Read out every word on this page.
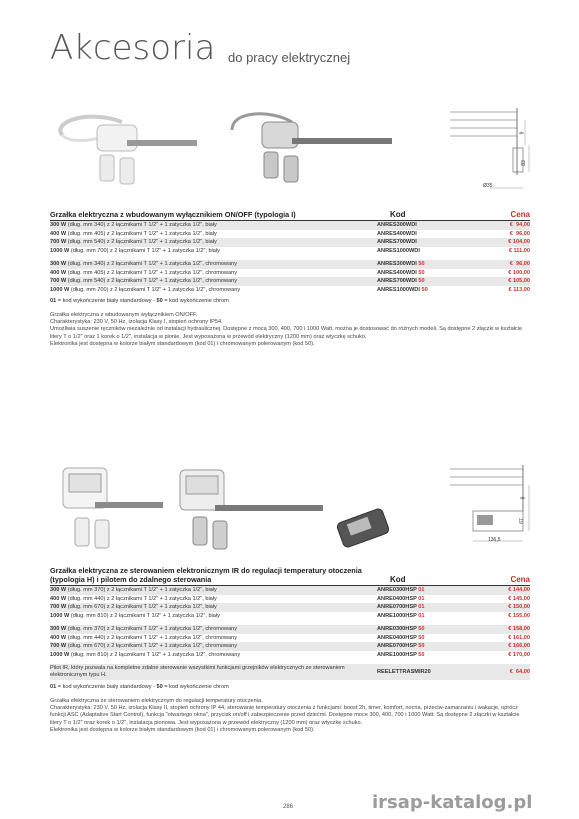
Akcesoria do pracy elektrycznej
Ø35
83
9
Grzałka elektryczna z wbudowanym wyłącznikiem ON/OFF (typologia I)	Kod	Cena
300 W (dług. mm 340) z 2 łącznikami T 1/2" + 1 zatyczka 1/2", biały	ANRES300WDI	€  94,00
400 W (dług. mm 405) z 2 łącznikami T 1/2" + 1 zatyczka 1/2", biały	ANRES400WDI	€  96,00
700 W (dług. mm 540) z 2 łącznikami T 1/2" + 1 zatyczka 1/2", biały	ANRES700WDI	€ 104,00
1000 W (dług. mm 700) z 2 łącznikami T 1/2" + 1 zatyczka 1/2", biały	ANRES1000WDI	€ 111,00
300 W (dług. mm 340) z 2 łącznikami T 1/2" + 1 zatyczka 1/2", chromowany	ANRES300WDI 50	€  96,00
400 W (dług. mm 405) z 2 łącznikami T 1/2" + 1 zatyczka 1/2", chromowany	ANRES400WDI 50	€ 100,00
700 W (dług. mm 540) z 2 łącznikami T 1/2" + 1 zatyczka 1/2", chromowany	ANRES700WDI 50	€ 105,00
1000 W (dług. mm 700) z 2 łącznikami T 1/2" + 1 zatyczka 1/2", chromowany	ANRES1000WDI 50	€ 113,00
01 = kod wykończenie biały standardowy - 50 = kod wykończenie chrom

Grzałka elektryczna z wbudowanym wyłącznikiem ON/OFF.

Charakterystyka: 230 V, 50 Hz, izolacja Klasy I, stopień ochrony IP54.

Umożliwia suszenie ręczników niezależnie od instalacji hydraulicznej. Dostępne z mocą 300, 400, 700 i 1000 Watt, można je dostosować do różnych modeli. Są dostępne 2 złączki w kształcie litery T o 1/2" oraz 1 korek o 1/2", instalacja w pionie. Jest wyposażona w przewód elektryczny (1200 mm) oraz wtyczkę schuko.

Elektronika jest dostępna w kolorze białym standardowym (kod 01) i chromowanym polerowanym (kod 50).

136,5
67
9
Grzałka elektryczna ze sterowaniem elektronicznym IR do regulacji temperatury otoczenia (typologia H) i pilotem do zdalnego sterowania	Kod	Cena
300 W (dług. mm 370) z 2 łącznikami T 1/2" + 1 zatyczka 1/2", biały	ANRE0300HSP 01	€ 144,00
400 W (dług. mm 440) z 2 łącznikami T 1/2" + 1 zatyczka 1/2", biały	ANRE0400HSP 01	€ 145,00
700 W (dług. mm 670) z 2 łącznikami T 1/2" + 1 zatyczka 1/2", biały	ANRE0700HSP 01	€ 150,00
1000 W (dług. mm 810) z 2 łącznikami T 1/2" + 1 zatyczka 1/2", biały	ANRE1000HSP 01	€ 155,00
300 W (dług. mm 370) z 2 łącznikami T 1/2" + 1 zatyczka 1/2", chromowany	ANRE0300HSP 50	€ 158,00
400 W (dług. mm 440) z 2 łącznikami T 1/2" + 1 zatyczka 1/2", chromowany	ANRE0400HSP 50	€ 161,00
700 W (dług. mm 670) z 2 łącznikami T 1/2" + 1 zatyczka 1/2", chromowany	ANRE0700HSP 50	€ 166,00
1000 W (dług. mm 810) z 2 łącznikami T 1/2" + 1 zatyczka 1/2", chromowany	ANRE1000HSP 50	€ 170,00
Pilot IR, który pozwala na kompletne zdalne sterowanie wszystkimi funkcjami grzejników elektrycznych ze sterowaniem elektronicznym typu H.	REELETTRASMIR20	€  64,00
01 = kod wykończenie biały standardowy - 50 = kod wykończenie chrom

Grzałka elektryczna ze sterowaniem elektrycznym do regulacji temperatury otoczenia.

Charakterystyka: 230 V, 50 Hz, izolacja Klasy II, stopień ochrony IP 44, sterowanie temperatury otoczenia z funkcjami: boost 2h, timer, komfort, nocna, przeciw-zamarzaniu i wakacje, oprócz funkcji ASC (Adaptative Start Control), funkcja "otwartego okna", przycisk on/off i zabezpieczenie przed dziećmi. Dostępne moce 300, 400, 700 i 1000 Watt. Są dostępne 2 złączki w kształcie litery T o 1/2" oraz korek o 1/2", instalacja pionowa. Jest wyposażona w przewód elektryczny (1200 mm) oraz wtyczkę schuko.

Elektronika jest dostępna w kolorze białym standardowym (kod 01) i chromowanym polerowanym (kod 50).

286	irsap-katalog.pl
